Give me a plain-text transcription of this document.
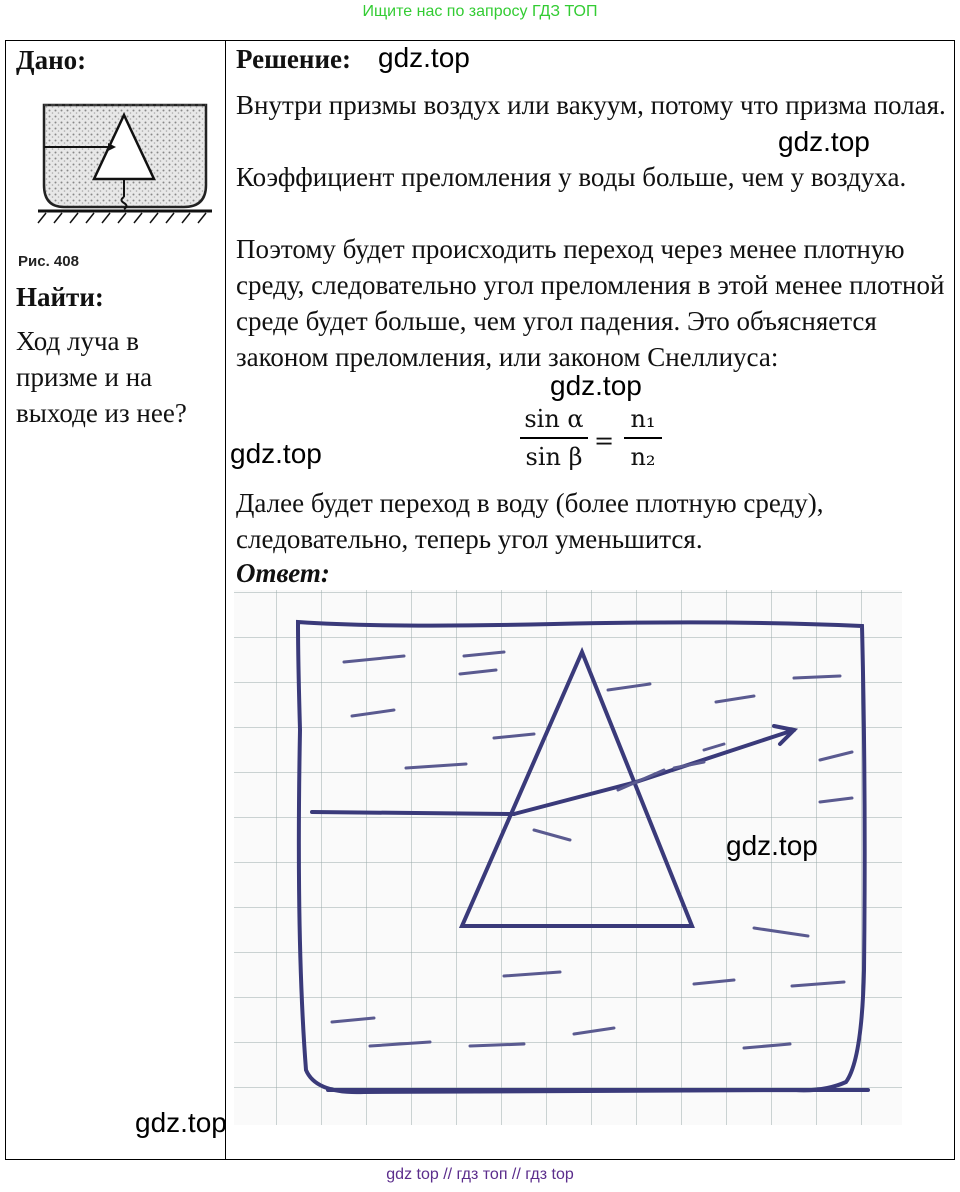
Ищите нас по запросу ГДЗ ТОП
Дано:
Рис. 408
Найти:
Ход луча в призме и на выходе из нее?
Решение: gdz.top
Внутри призмы воздух или вакуум, потому что призма полая.
gdz.top
Коэффициент преломления у воды больше, чем у воздуха.
Поэтому будет происходить переход через менее плотную среду, следовательно угол преломления в этой менее плотной среде будет больше, чем угол падения. Это объясняется законом преломления, или законом Снеллиуса:
gdz.top
$\frac{\text{sin α}}{\text{sin β}} = \frac{\text{n₁}}{\text{n₂}}$
gdz.top
Далее будет переход в воду (более плотную среду), следовательно, теперь угол уменьшится.
Ответ:
gdz.top
gdz.top
gdz top // гдз топ // гдз top
